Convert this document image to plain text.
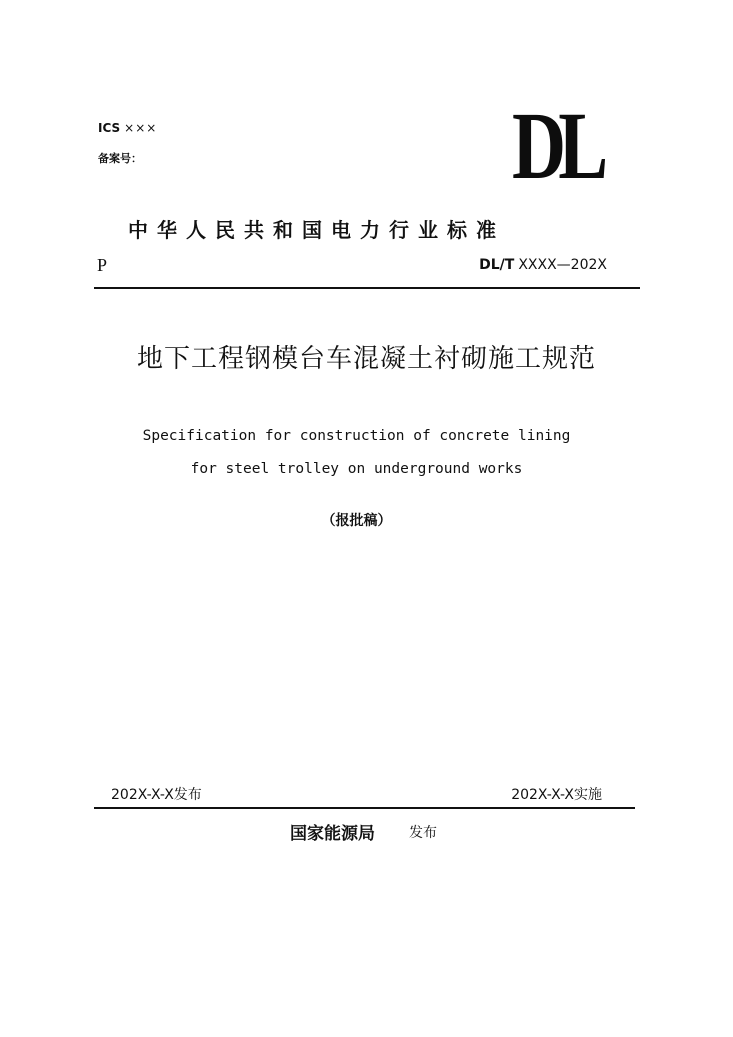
ICS ×××
备案号：	DL
中华人民共和国电力行业标准
P	DL/T XXXX—202X
地下工程钢模台车混凝土衬砌施工规范
Specification for construction of concrete lining
for steel trolley on underground works
（报批稿）
202X-X-X发布	202X-X-X实施
国家能源局 发布
